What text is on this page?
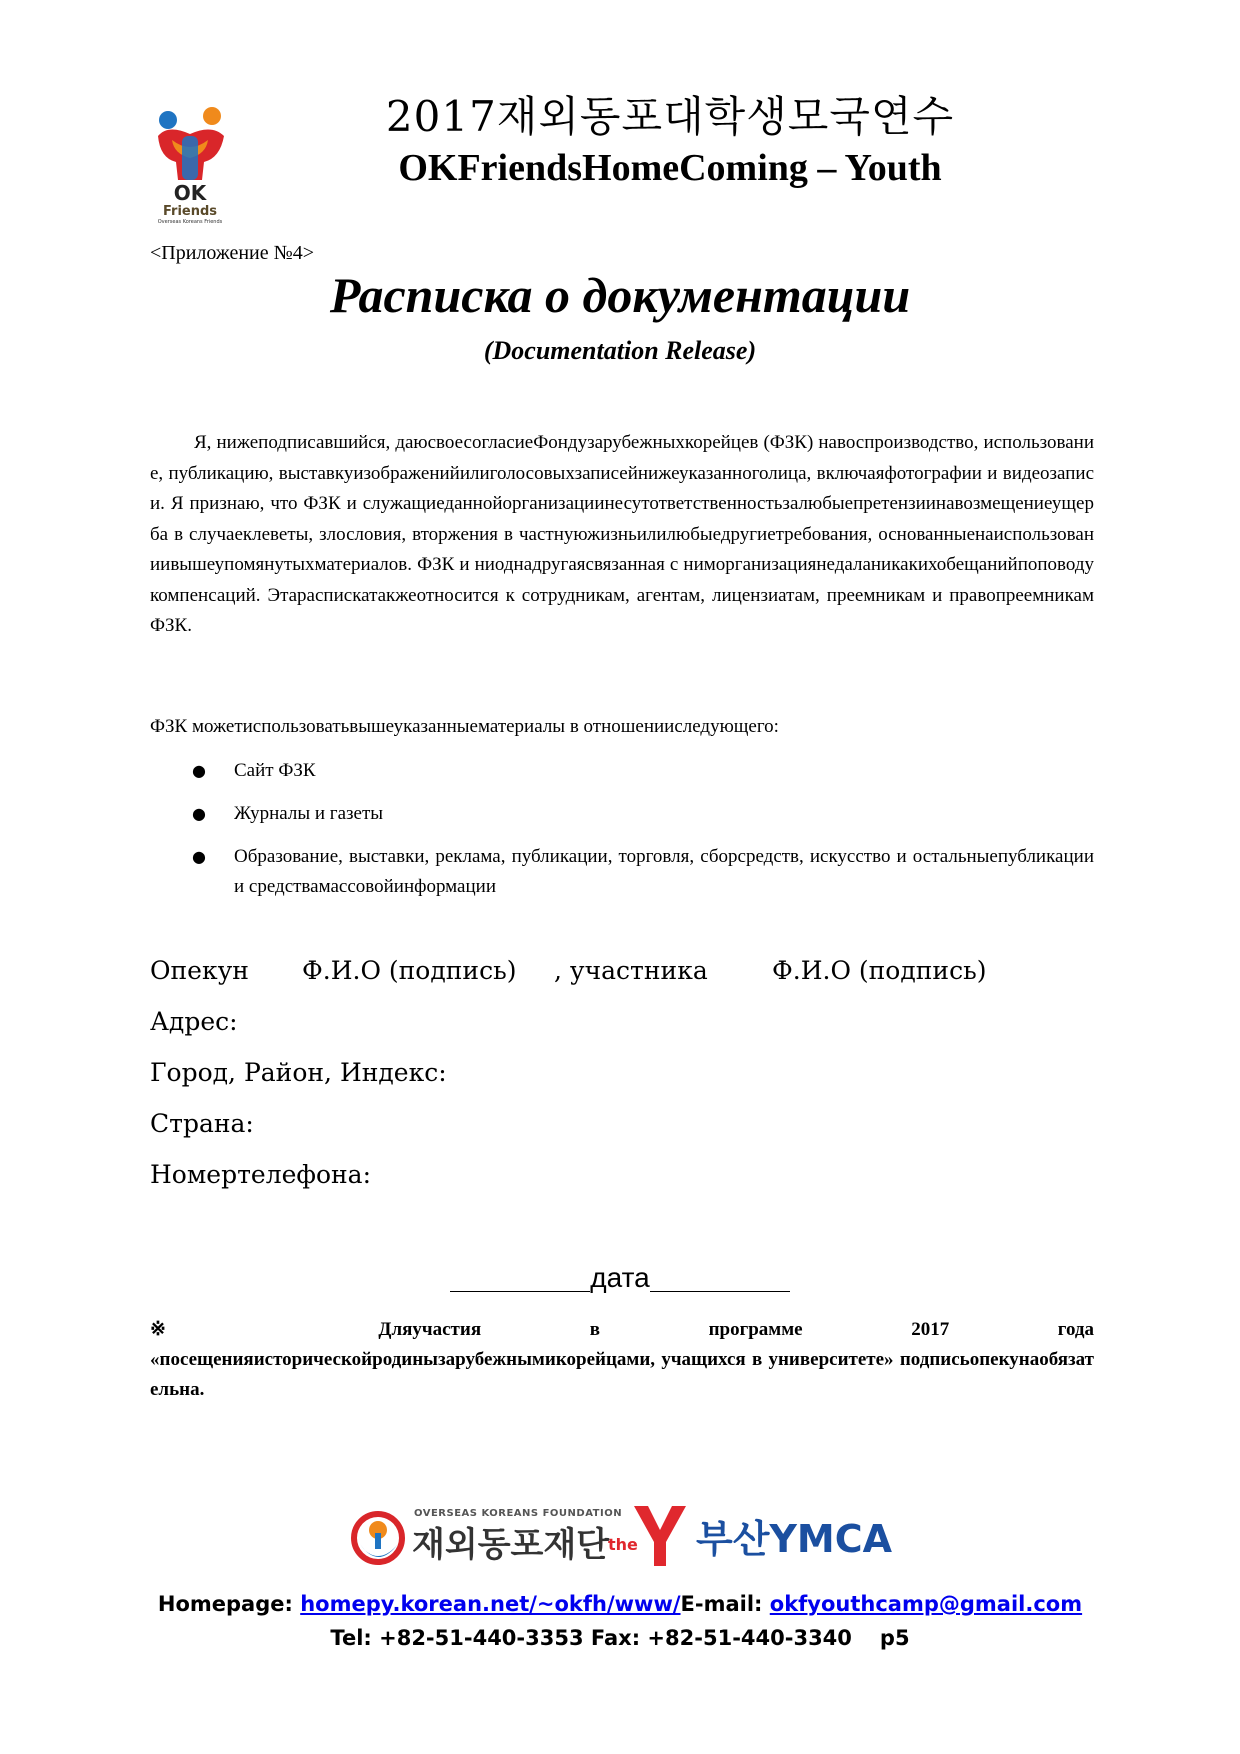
OK
Friends
Overseas Koreans Friends
2017재외동포대학생모국연수
OKFriendsHomeComing – Youth
<Приложение №4>
Расписка о документации
(Documentation Release)
Я, нижеподписавшийся, даюсвоесогласиеФондузарубежныхкорейцев (ФЗК) навоспроизводство, использование, публикацию, выставкуизображенийилиголосовыхзаписейнижеуказанноголица, включаяфотографии и видеозаписи. Я признаю, что ФЗК и служащиеданнойорганизациинесутответственностьзалюбыепретензиинавозмещениеущерба в случаеклеветы, злословия, вторжения в частнуюжизньилилюбыедругиетребования, основанныенаиспользованиивышеупомянутыхматериалов. ФЗК и ниоднадругаясвязанная с ниморганизациянедаланикакихобещанийпоповодукомпенсаций. Этараспискатакжеотносится к сотрудникам, агентам, лицензиатам, преемникам и правопреемникам ФЗК.
ФЗК можетиспользоватьвышеуказанныематериалы в отношенииследующего:
● Сайт ФЗК
● Журналы и газеты
● Образование, выставки, реклама, публикации, торговля, сборсредств, искусство и остальныепубликации и средствамассовойинформации
Опекун Ф.И.О (подпись) , участника	Ф.И.О (подпись)
Адрес:
Город, Район, Индекс:
Страна:
Номертелефона:
дата
※	Дляучастия в программе 2017 года
«посещенияисторическойродинызарубежнымикорейцами, учащихся в университете» подписьопекунаобязательна.
OVERSEAS KOREANS FOUNDATION
재외동포재단
the 부산YMCA
Homepage: homepy.korean.net/~okfh/www/E-mail: okfyouthcamp@gmail.com
Tel: +82-51-440-3353 Fax: +82-51-440-3340 p5
